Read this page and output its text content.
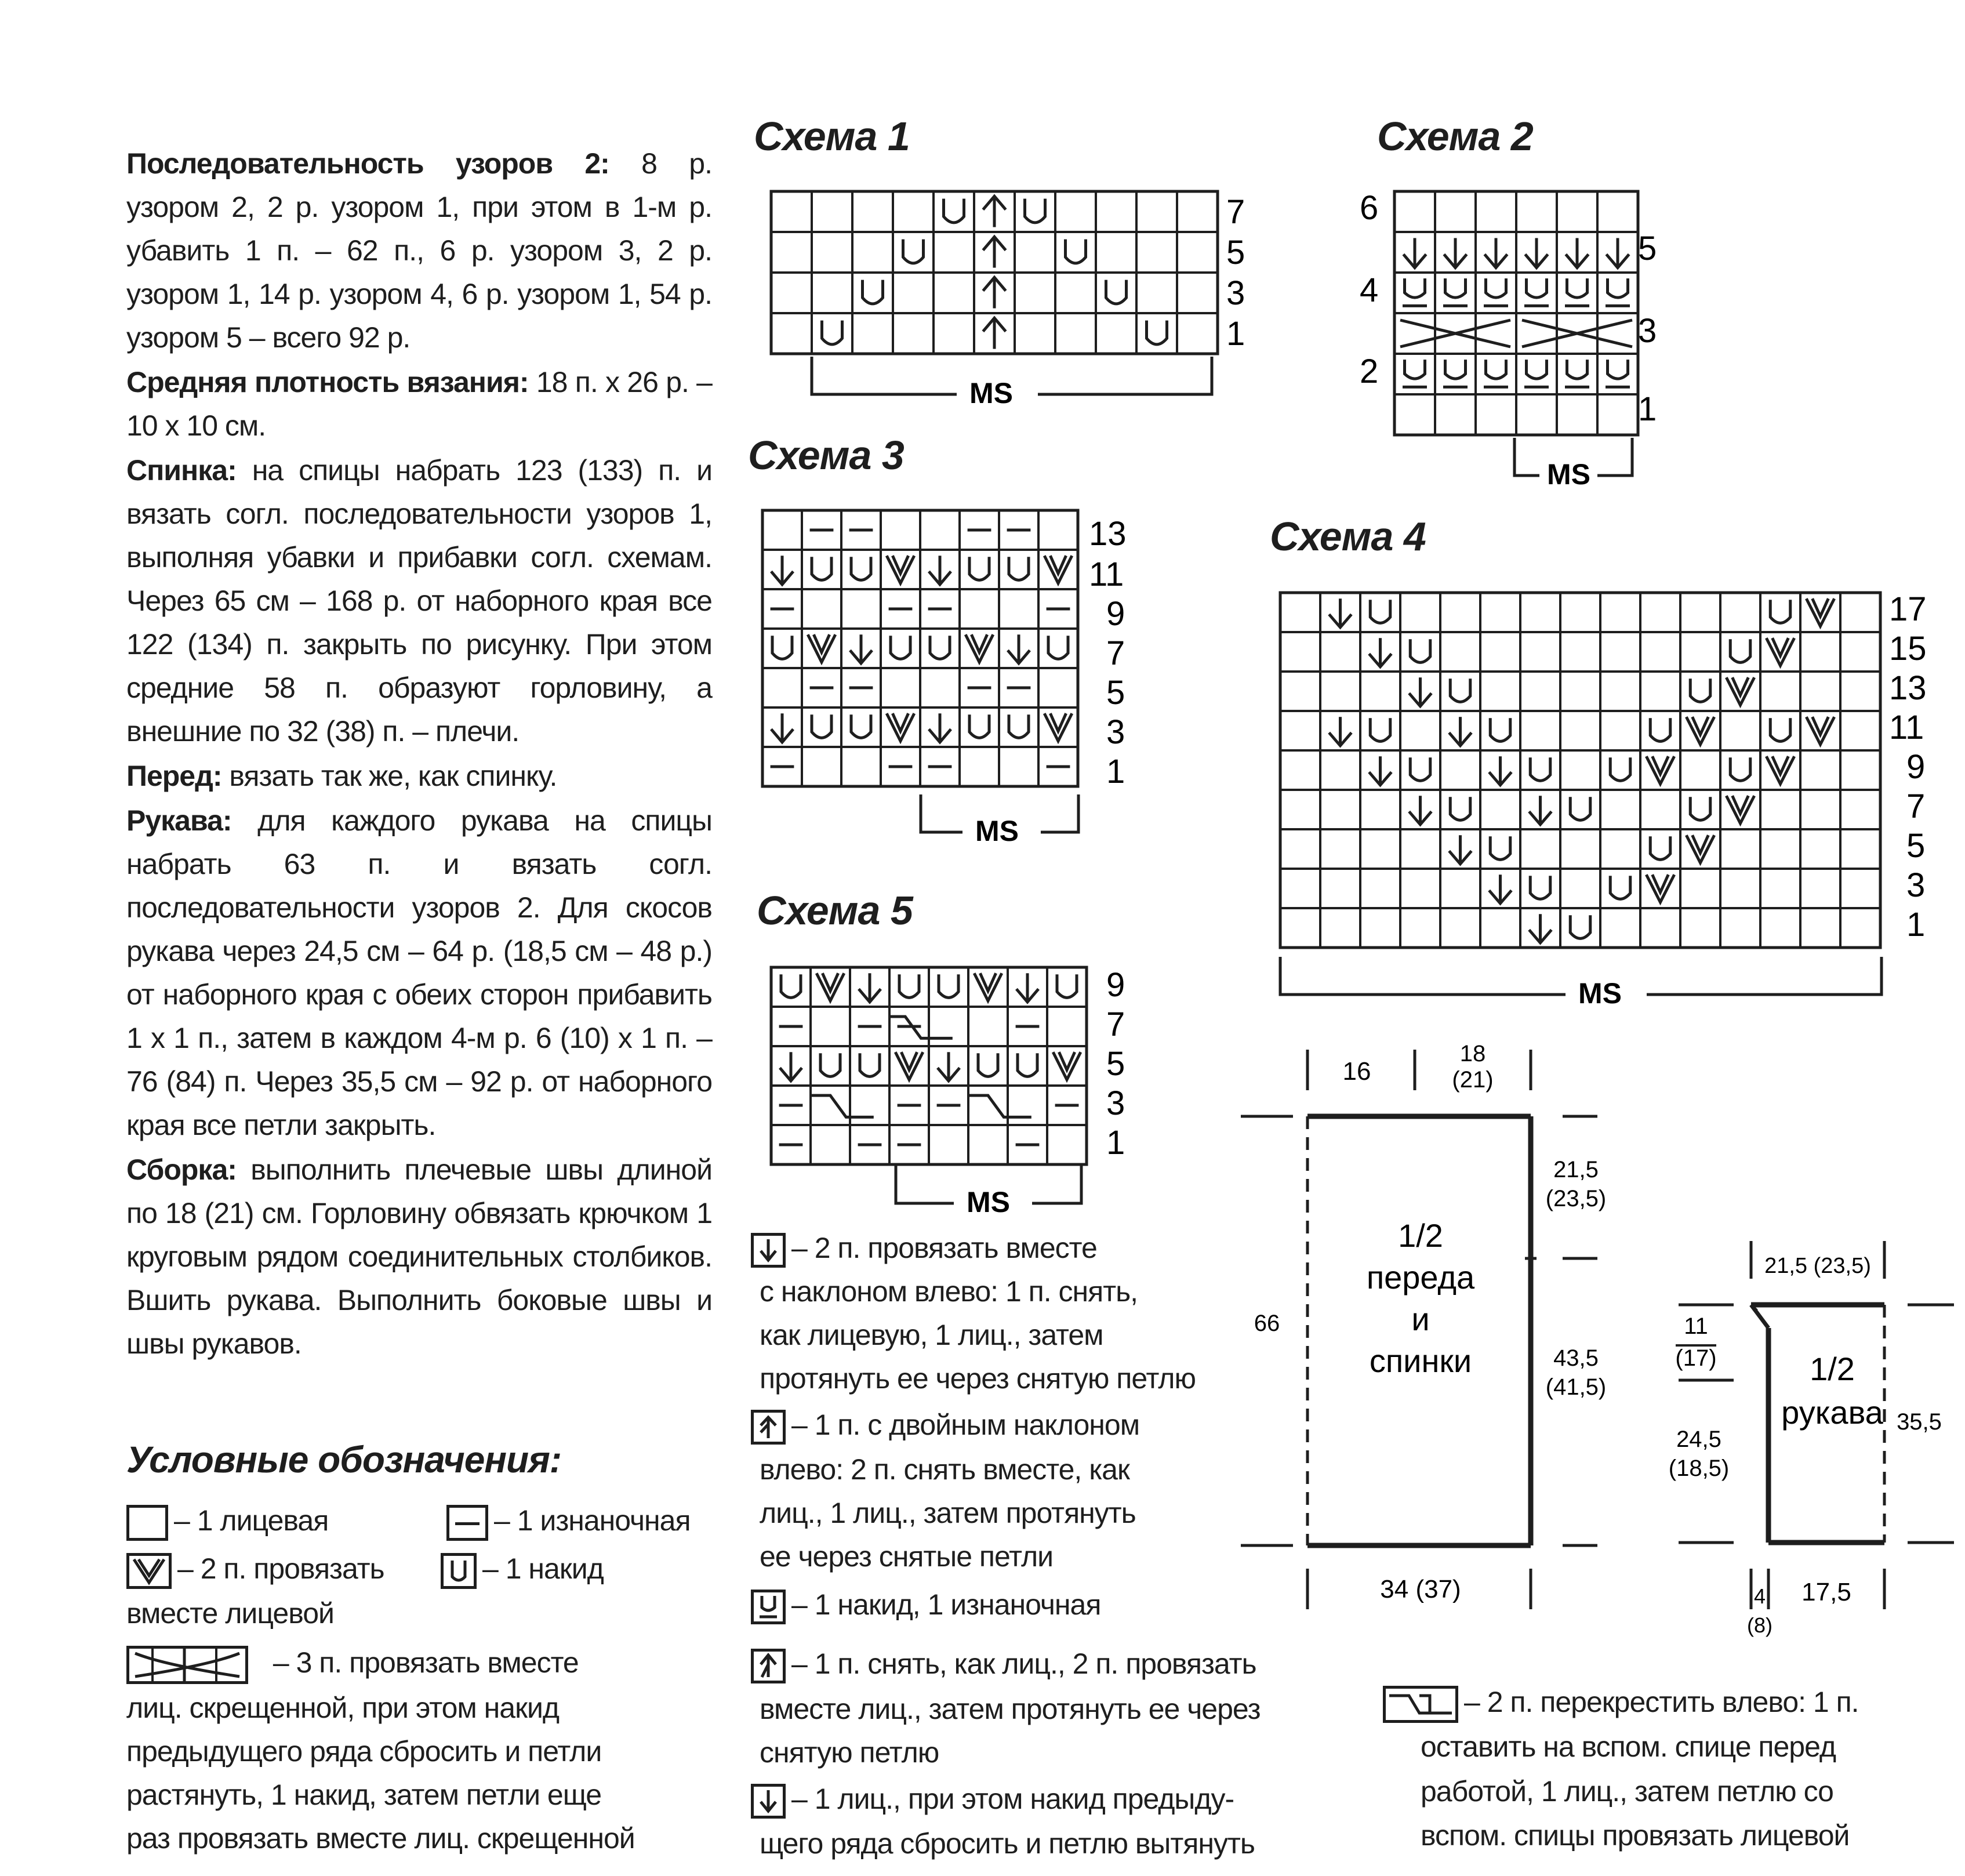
Последовательность узоров 2: 8 р. узором 2, 2 р. узором 1, при этом в 1-м р. убавить 1 п. – 62 п., 6 р. узором 3, 2 р. узором 1, 14 р. узором 4, 6 р. узором 1, 54 р. узором 5 – всего 92 р.

Средняя плотность вязания: 18 п. х 26 р. – 10 х 10 см.

Спинка: на спицы набрать 123 (133) п. и вязать согл. последовательности узоров 1, выполняя убавки и прибавки согл. схемам. Через 65 см – 168 р. от наборного края все 122 (134) п. закрыть по рисунку. При этом средние 58 п. образуют горловину, а внешние по 32 (38) п. – плечи.

Перед: вязать так же, как спинку.

Рукава: для каждого рукава на спицы набрать 63 п. и вязать согл. последовательности узоров 2. Для скосов рукава через 24,5 см – 64 р. (18,5 см – 48 р.) от наборного края с обеих сторон прибавить 1 х 1 п., затем в каждом 4-м р. 6 (10) х 1 п. – 76 (84) п. Через 35,5 см – 92 р. от наборного края все петли закрыть.

Сборка: выполнить плечевые швы длиной по 18 (21) см. Горловину обвязать крючком 1 круговым рядом соединительных столбиков. Вшить рукава. Выполнить боковые швы и швы рукавов.

Условные обозначения:
– 1 лицевая	– 1 изнаночная
– 2 п. провязать	– 1 накид
вместе лицевой
– 3 п. провязать вместе
лиц. скрещенной, при этом накид
предыдущего ряда сбросить и петли
растянуть, 1 накид, затем петли еще
раз провязать вместе лиц. скрещенной
Схема 1	Схема 2
Схема 3
Схема 4
Схема 5
7
5
3
1
MS
6
4
2
5
3
1
MS
13
11
9
7
5
3
1
MS
17
15
13
11
9
7
5
3
1
MS
9
7
5
3
1
MS
1/2
переда
и
спинки
16
18
(21)
21,5
(23,5)
43,5
(41,5)
66
34 (37)
1/2
рукава
21,5 (23,5)
11
(17)
24,5
(18,5)
35,5
17,5
4
(8)
– 2 п. провязать вместе
с наклоном влево: 1 п. снять,
как лицевую, 1 лиц., затем
протянуть ее через снятую петлю
– 1 п. с двойным наклоном
влево: 2 п. снять вместе, как
лиц., 1 лиц., затем протянуть
ее через снятые петли
– 1 накид, 1 изнаночная
– 1 п. снять, как лиц., 2 п. провязать
вместе лиц., затем протянуть ее через
снятую петлю
– 1 лиц., при этом накид предыду-
щего ряда сбросить и петлю вытянуть
– 2 п. перекрестить влево: 1 п.
оставить на вспом. спице перед
работой, 1 лиц., затем петлю со
вспом. спицы провязать лицевой
